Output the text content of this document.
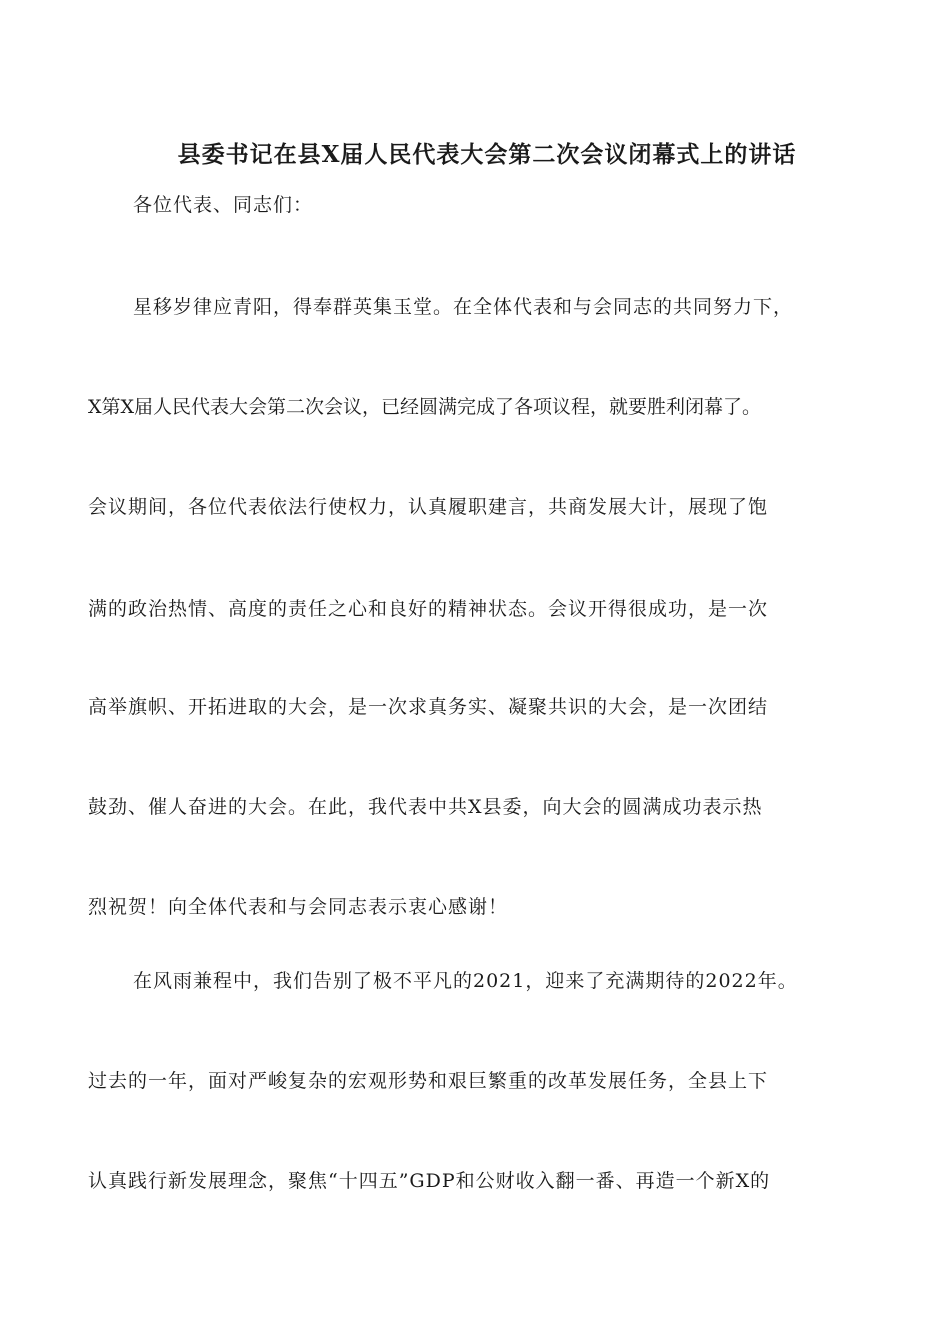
县委书记在县X届人民代表大会第二次会议闭幕式上的讲话
各位代表、同志们：
星移岁律应青阳，得奉群英集玉堂。在全体代表和与会同志的共同努力下，
X第X届人民代表大会第二次会议，已经圆满完成了各项议程，就要胜利闭幕了。
会议期间，各位代表依法行使权力，认真履职建言，共商发展大计，展现了饱
满的政治热情、高度的责任之心和良好的精神状态。会议开得很成功，是一次
高举旗帜、开拓进取的大会，是一次求真务实、凝聚共识的大会，是一次团结
鼓劲、催人奋进的大会。在此，我代表中共X县委，向大会的圆满成功表示热
烈祝贺！向全体代表和与会同志表示衷心感谢！
在风雨兼程中，我们告别了极不平凡的2021，迎来了充满期待的2022年。
过去的一年，面对严峻复杂的宏观形势和艰巨繁重的改革发展任务，全县上下
认真践行新发展理念，聚焦“十四五”GDP和公财收入翻一番、再造一个新X的
